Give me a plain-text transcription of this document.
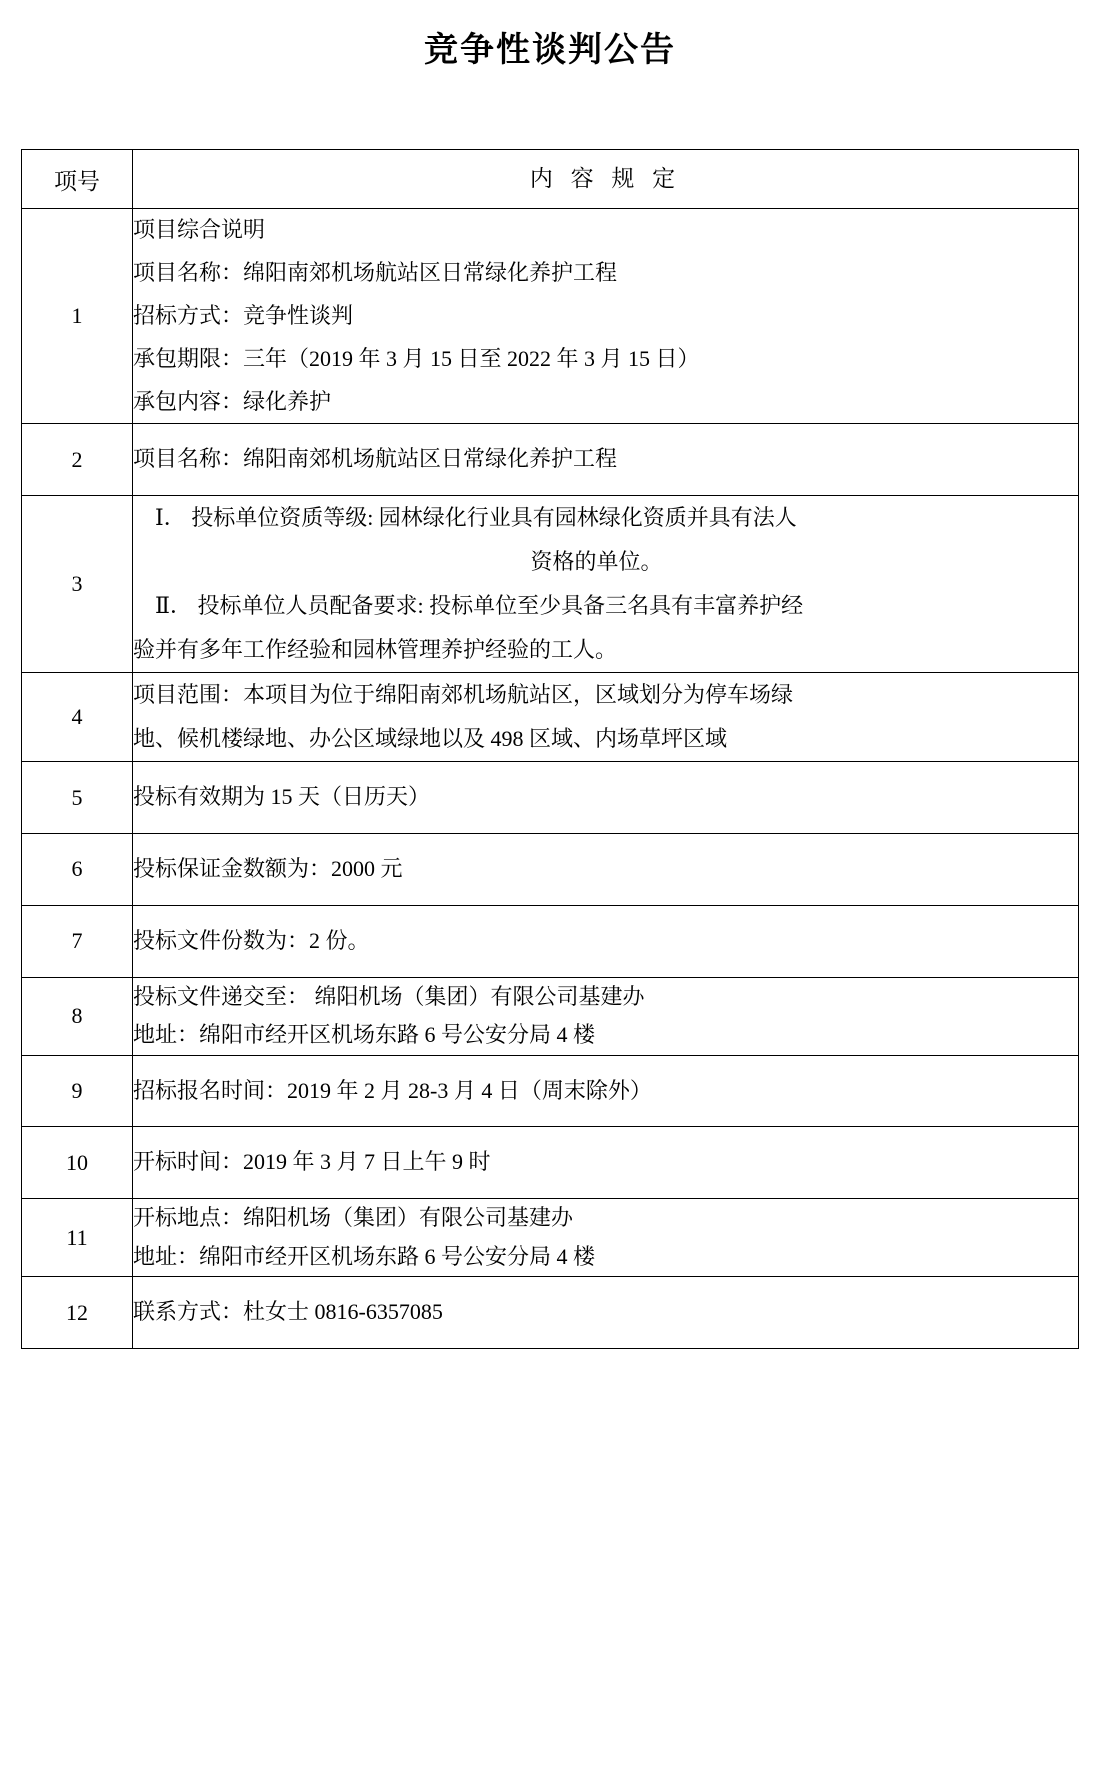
竞争性谈判公告
项号	内 容 规 定
1	项目综合说明
项目名称：绵阳南郊机场航站区日常绿化养护工程
招标方式：竞争性谈判
承包期限：三年（2019 年 3 月 15 日至 2022 年 3 月 15 日）
承包内容：绿化养护

2	项目名称：绵阳南郊机场航站区日常绿化养护工程

3	Ⅰ． 投标单位资质等级: 园林绿化行业具有园林绿化资质并具有法人
资格的单位。
Ⅱ． 投标单位人员配备要求: 投标单位至少具备三名具有丰富养护经
验并有多年工作经验和园林管理养护经验的工人。

4	项目范围：本项目为位于绵阳南郊机场航站区，区域划分为停车场绿
地、候机楼绿地、办公区域绿地以及 498 区域、内场草坪区域

5	投标有效期为 15 天（日历天）

6	投标保证金数额为：2000 元

7	投标文件份数为：2 份。

8	投标文件递交至： 绵阳机场（集团）有限公司基建办
地址：绵阳市经开区机场东路 6 号公安分局 4 楼

9	招标报名时间：2019 年 2 月 28-3 月 4 日（周末除外）

10	开标时间：2019 年 3 月 7 日上午 9 时

11	开标地点：绵阳机场（集团）有限公司基建办
地址：绵阳市经开区机场东路 6 号公安分局 4 楼

12	联系方式：杜女士 0816-6357085
